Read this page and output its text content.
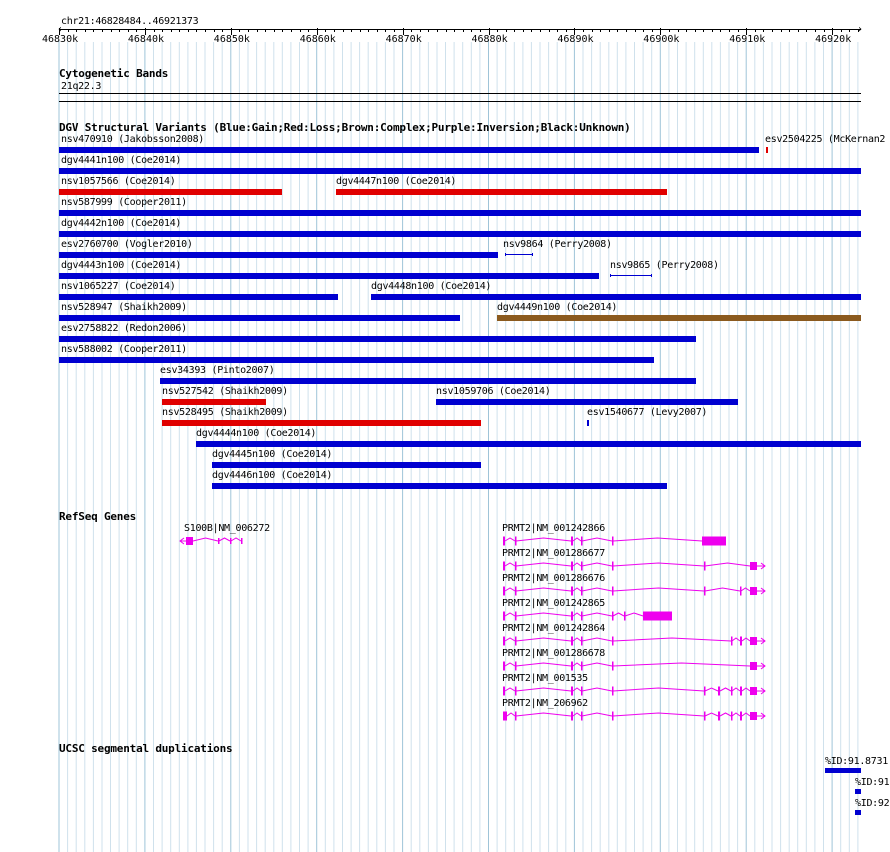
chr21:46828484..46921373
46830k	46840k	46850k	46860k	46870k	46880k	46890k	46900k	46910k	46920k
‹	›
Cytogenetic Bands
21q22.3
DGV Structural Variants (Blue:Gain;Red:Loss;Brown:Complex;Purple:Inversion;Black:Unknown)
nsv470910 (Jakobsson2008)	esv2504225 (McKernan2
dgv4441n100 (Coe2014)
nsv1057566 (Coe2014)	dgv4447n100 (Coe2014)
nsv587999 (Cooper2011)
dgv4442n100 (Coe2014)
esv2760700 (Vogler2010)	nsv9864 (Perry2008)
dgv4443n100 (Coe2014)	nsv9865 (Perry2008)
nsv1065227 (Coe2014)	dgv4448n100 (Coe2014)
nsv528947 (Shaikh2009)	dgv4449n100 (Coe2014)
esv2758822 (Redon2006)
nsv588002 (Cooper2011)
esv34393 (Pinto2007)
nsv527542 (Shaikh2009)	nsv1059706 (Coe2014)
nsv528495 (Shaikh2009)	esv1540677 (Levy2007)
dgv4444n100 (Coe2014)
dgv4445n100 (Coe2014)
dgv4446n100 (Coe2014)
RefSeq Genes
S100B|NM_006272	PRMT2|NM_001242866
PRMT2|NM_001286677
PRMT2|NM_001286676
PRMT2|NM_001242865
PRMT2|NM_001242864
PRMT2|NM_001286678
PRMT2|NM_001535
PRMT2|NM_206962
UCSC segmental duplications
%ID:91.8731
%ID:91
%ID:92
